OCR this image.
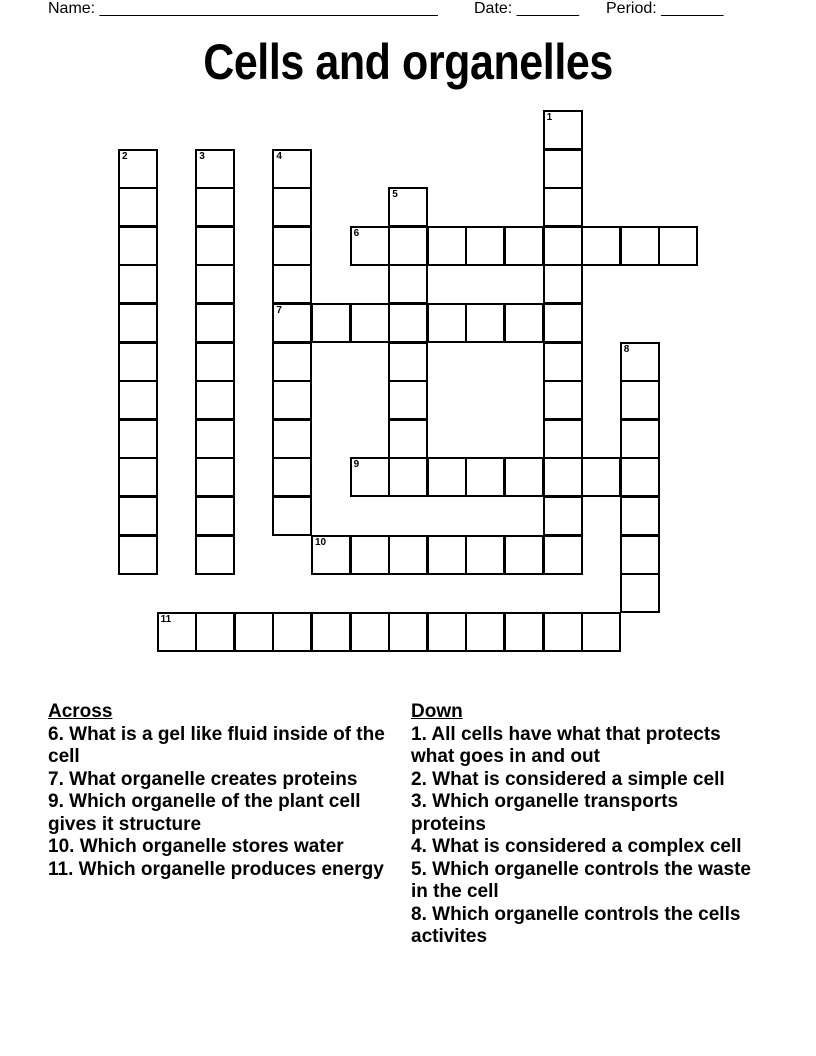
Name: ______________________________________ Date: _______ Period: _______
Cells and organelles
1
2	3	4
7
5
6
8
9
10
11
Across
6. What is a gel like fluid inside of the cell
7. What organelle creates proteins
9. Which organelle of the plant cell gives it structure
10. Which organelle stores water
11. Which organelle produces energy
Down
1. All cells have what that protects what goes in and out
2. What is considered a simple cell
3. Which organelle transports proteins
4. What is considered a complex cell
5. Which organelle controls the waste in the cell
8. Which organelle controls the cells activites
